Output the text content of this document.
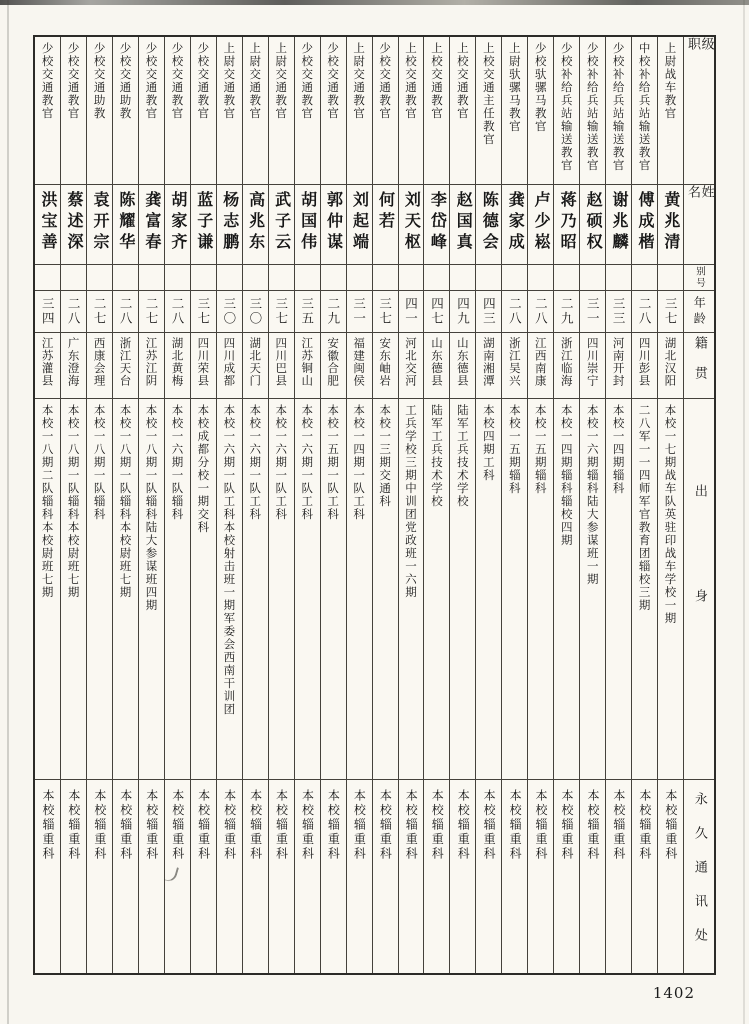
级职
姓名
别号
年龄
籍贯
出身
永久通讯处
上尉战车教官
黄兆清
三七
湖北汉阳
本校一七期战车队英驻印战车学校一期
本校辎重科
中校补给兵站输送教官
傅成楷
二八
四川彭县
二八军一一四师军官教育团辎校三期
本校辎重科
少校补给兵站输送教官
谢兆麟
三三
河南开封
本校一四期辎科
本校辎重科
少校补给兵站输送教官
赵硕权
三一
四川崇宁
本校一六期辎科陆大参谋班一期
本校辎重科
少校补给兵站输送教官
蒋乃昭
二九
浙江临海
本校一四期辎科辎校四期
本校辎重科
少校驮骡马教官
卢少崧
二八
江西南康
本校一五期辎科
本校辎重科
上尉驮骡马教官
龚家成
二八
浙江吴兴
本校一五期辎科
本校辎重科
上校交通主任教官
陈德会
四三
湖南湘潭
本校四期工科
本校辎重科
上校交通教官
赵国真
四九
山东德县
陆军工兵技术学校
本校辎重科
上校交通教官
李岱峰
四七
山东德县
陆军工兵技术学校
本校辎重科
上校交通教官
刘天枢
四一
河北交河
工兵学校三期中训团党政班一六期
本校辎重科
少校交通教官
何若
三七
安东岫岩
本校一三期交通科
本校辎重科
上尉交通教官
刘起端
三一
福建闽侯
本校一四期一队工科
本校辎重科
少校交通教官
郭仲谋
二九
安徽合肥
本校一五期一队工科
本校辎重科
少校交通教官
胡国伟
三五
江苏铜山
本校一六期一队工科
本校辎重科
上尉交通教官
武子云
三七
四川巴县
本校一六期一队工科
本校辎重科
上尉交通教官
高兆东
三〇
湖北天门
本校一六期一队工科
本校辎重科
上尉交通教官
杨志鹏
三〇
四川成都
本校一六期一队工科本校射击班一期军委会西南干训团
本校辎重科
少校交通教官
蓝子谦
三七
四川荣县
本校成都分校一期交科
本校辎重科
少校交通教官
胡家齐
二八
湖北黄梅
本校一六期一队辎科
本校辎重科
少校交通教官
龚富春
二七
江苏江阴
本校一八期一队辎科陆大参谋班四期
本校辎重科
少校交通助教
陈耀华
二八
浙江天台
本校一八期一队辎科本校尉班七期
本校辎重科
少校交通助教
袁开宗
二七
西康会理
本校一八期一队辎科
本校辎重科
少校交通教官
蔡述深
二八
广东澄海
本校一八期一队辎科本校尉班七期
本校辎重科
少校交通教官
洪宝善
三四
江苏灌县
本校一八期二队辎科本校尉班七期
本校辎重科
1402
